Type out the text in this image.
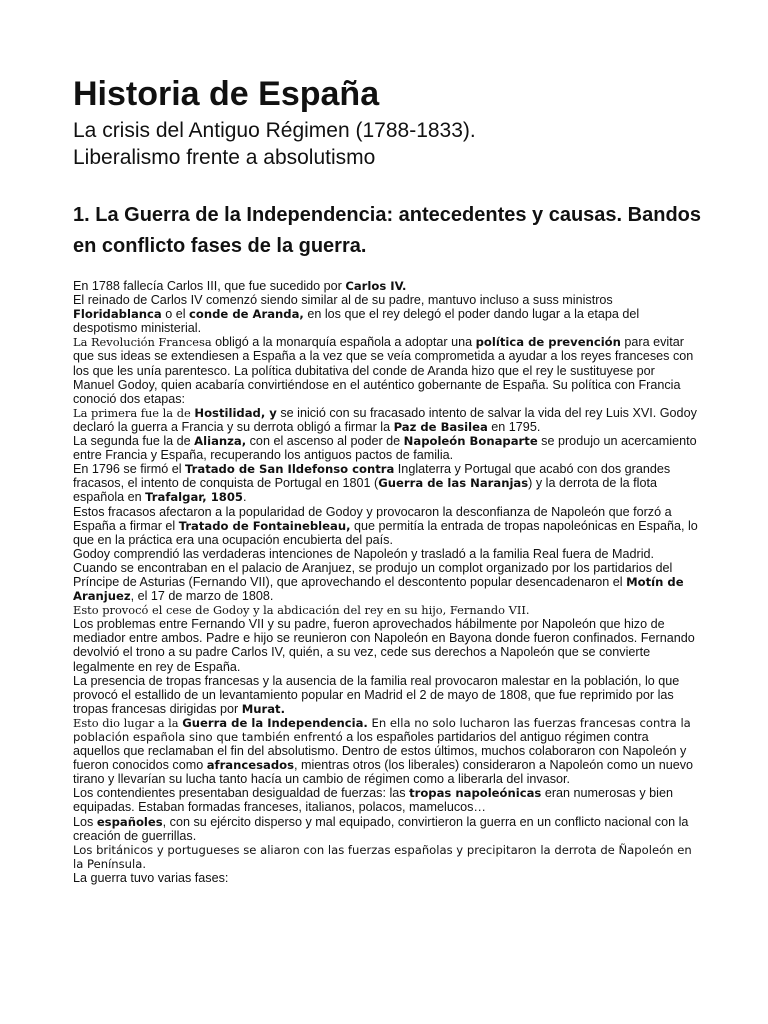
Historia de España
La crisis del Antiguo Régimen (1788-1833).
Liberalismo frente a absolutismo
1. La Guerra de la Independencia: antecedentes y causas. Bandos en conflicto fases de la guerra.

En 1788 fallecía Carlos III, que fue sucedido por Carlos IV.

El reinado de Carlos IV comenzó siendo similar al de su padre, mantuvo incluso a suss ministros Floridablanca o el conde de Aranda, en los que el rey delegó el poder dando lugar a la etapa del despotismo ministerial.

La Revolución Francesa obligó a la monarquía española a adoptar una política de prevención para evitar que sus ideas se extendiesen a España a la vez que se veía comprometida a ayudar a los reyes franceses con los que les unía parentesco. La política dubitativa del conde de Aranda hizo que el rey le sustituyese por Manuel Godoy, quien acabaría convirtiéndose en el auténtico gobernante de España. Su política con Francia conoció dos etapas:

La primera fue la de Hostilidad, y se inició con su fracasado intento de salvar la vida del rey Luis XVI. Godoy declaró la guerra a Francia y su derrota obligó a firmar la Paz de Basilea en 1795.

La segunda fue la de Alianza, con el ascenso al poder de Napoleón Bonaparte se produjo un acercamiento entre Francia y España, recuperando los antiguos pactos de familia.

En 1796 se firmó el Tratado de San Ildefonso contra Inglaterra y Portugal que acabó con dos grandes fracasos, el intento de conquista de Portugal en 1801 (Guerra de las Naranjas) y la derrota de la flota española en Trafalgar, 1805.

Estos fracasos afectaron a la popularidad de Godoy y provocaron la desconfianza de Napoleón que forzó a España a firmar el Tratado de Fontainebleau, que permitía la entrada de tropas napoleónicas en España, lo que en la práctica era una ocupación encubierta del país.

Godoy comprendió las verdaderas intenciones de Napoleón y trasladó a la familia Real fuera de Madrid. Cuando se encontraban en el palacio de Aranjuez, se produjo un complot organizado por los partidarios del Príncipe de Asturias (Fernando VII), que aprovechando el descontento popular desencadenaron el Motín de Aranjuez, el 17 de marzo de 1808.

Esto provocó el cese de Godoy y la abdicación del rey en su hijo, Fernando VII.

Los problemas entre Fernando VII y su padre, fueron aprovechados hábilmente por Napoleón que hizo de mediador entre ambos. Padre e hijo se reunieron con Napoleón en Bayona donde fueron confinados. Fernando devolvió el trono a su padre Carlos IV, quién, a su vez, cede sus derechos a Napoleón que se convierte legalmente en rey de España.

La presencia de tropas francesas y la ausencia de la familia real provocaron malestar en la población, lo que provocó el estallido de un levantamiento popular en Madrid el 2 de mayo de 1808, que fue reprimido por las tropas francesas dirigidas por Murat.

Esto dio lugar a la Guerra de la Independencia. En ella no solo lucharon las fuerzas francesas contra la población española sino que también enfrentó a los españoles partidarios del antiguo régimen contra aquellos que reclamaban el fin del absolutismo. Dentro de estos últimos, muchos colaboraron con Napoleón y fueron conocidos como afrancesados, mientras otros (los liberales) consideraron a Napoleón como un nuevo tirano y llevarían su lucha tanto hacía un cambio de régimen como a liberarla del invasor.

Los contendientes presentaban desigualdad de fuerzas: las tropas napoleónicas eran numerosas y bien equipadas. Estaban formadas franceses, italianos, polacos, mamelucos…

Los españoles, con su ejército disperso y mal equipado, convirtieron la guerra en un conflicto nacional con la creación de guerrillas.

Los británicos y portugueses se aliaron con las fuerzas españolas y precipitaron la derrota de Ñapoleón en la Península.

La guerra tuvo varias fases:
